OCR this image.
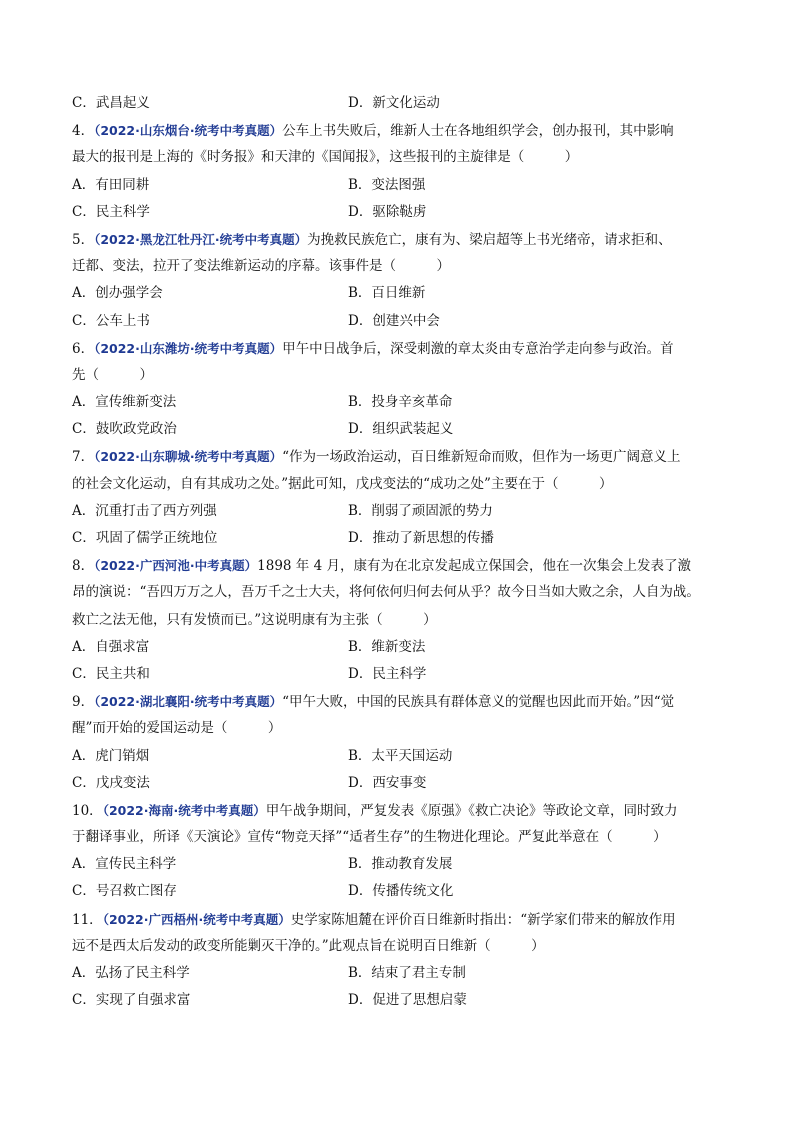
C．武昌起义	D．新文化运动
4．（2022·山东烟台·统考中考真题）公车上书失败后，维新人士在各地组织学会，创办报刊，其中影响
最大的报刊是上海的《时务报》和天津的《国闻报》，这些报刊的主旋律是（　　　）
A．有田同耕	B．变法图强
C．民主科学	D．驱除鞑虏
5．（2022·黑龙江牡丹江·统考中考真题）为挽救民族危亡，康有为、梁启超等上书光绪帝，请求拒和、
迁都、变法，拉开了变法维新运动的序幕。该事件是（　　　）
A．创办强学会	B．百日维新
C．公车上书	D．创建兴中会
6．（2022·山东潍坊·统考中考真题）甲午中日战争后，深受刺激的章太炎由专意治学走向参与政治。首
先（　　　）
A．宣传维新变法	B．投身辛亥革命
C．鼓吹政党政治	D．组织武装起义
7．（2022·山东聊城·统考中考真题）“作为一场政治运动，百日维新短命而败，但作为一场更广阔意义上
的社会文化运动，自有其成功之处。”据此可知，戊戌变法的“成功之处”主要在于（　　　）
A．沉重打击了西方列强	B．削弱了顽固派的势力
C．巩固了儒学正统地位	D．推动了新思想的传播
8．（2022·广西河池·中考真题）1898 年 4 月，康有为在北京发起成立保国会，他在一次集会上发表了激
昂的演说：“吾四万万之人，吾万千之士大夫，将何依何归何去何从乎？故今日当如大败之余，人自为战。
救亡之法无他，只有发愤而已。”这说明康有为主张（　　　）
A．自强求富	B．维新变法
C．民主共和	D．民主科学
9．（2022·湖北襄阳·统考中考真题）“甲午大败，中国的民族具有群体意义的觉醒也因此而开始。”因“觉
醒”而开始的爱国运动是（　　　）
A．虎门销烟	B．太平天国运动
C．戊戌变法	D．西安事变
10．（2022·海南·统考中考真题）甲午战争期间，严复发表《原强》《救亡决论》等政论文章，同时致力
于翻译事业，所译《天演论》宣传“物竞天择”“适者生存”的生物进化理论。严复此举意在（　　　）
A．宣传民主科学	B．推动教育发展
C．号召救亡图存	D．传播传统文化
11．（2022·广西梧州·统考中考真题）史学家陈旭麓在评价百日维新时指出：“新学家们带来的解放作用
远不是西太后发动的政变所能剿灭干净的。”此观点旨在说明百日维新（　　　）
A．弘扬了民主科学	B．结束了君主专制
C．实现了自强求富	D．促进了思想启蒙
